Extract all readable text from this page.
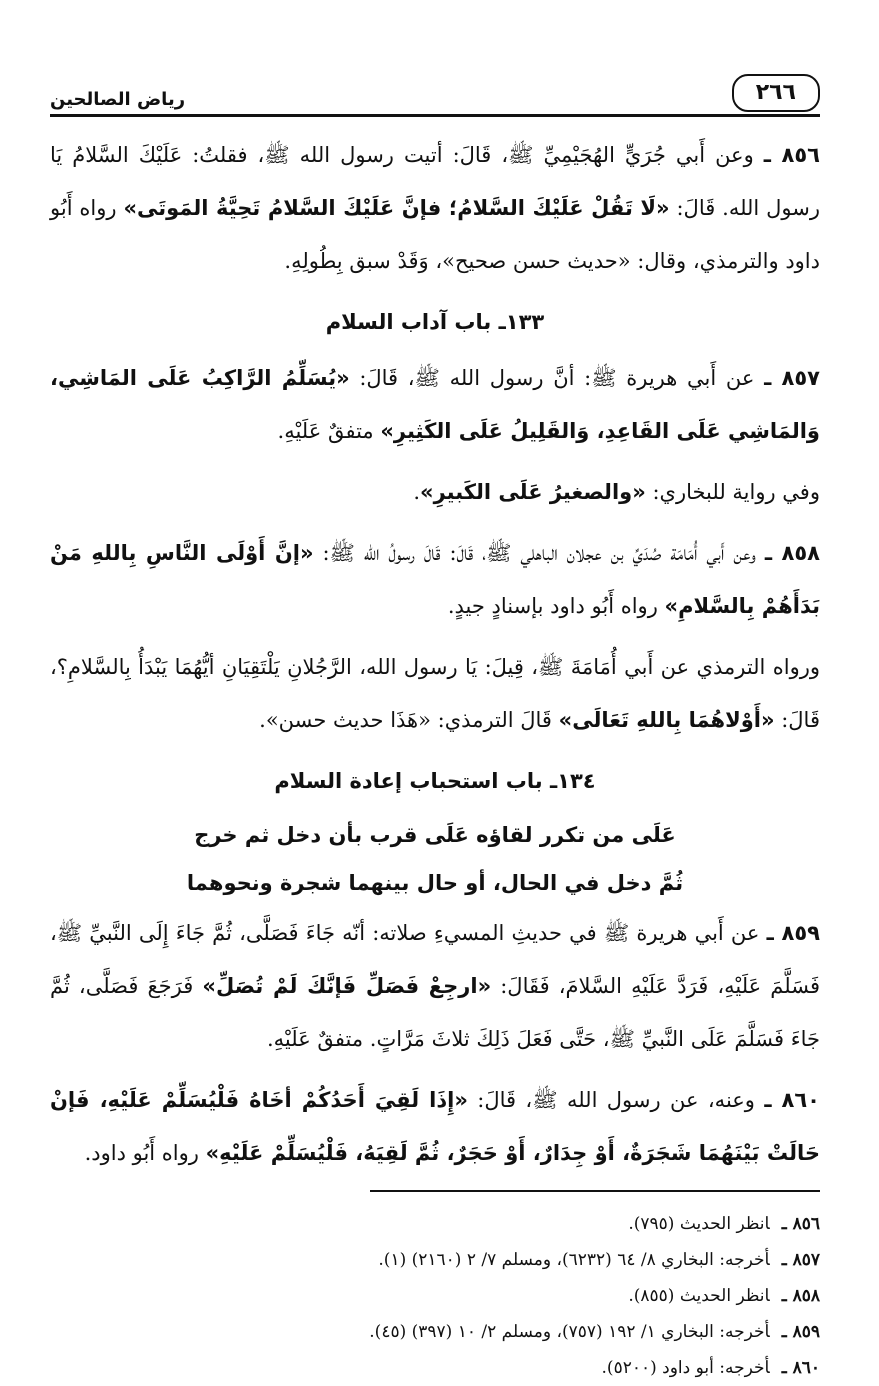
٢٦٦
رياض الصالحين

٨٥٦ ـ وعن أَبي جُرَيٍّ الهُجَيْمِيِّ ﷺ، قَالَ: أتيت رسول الله ﷺ، فقلتُ: عَلَيْكَ السَّلامُ يَا رسول الله. قَالَ: «لَا تَقُلْ عَلَيْكَ السَّلامُ؛ فإنَّ عَلَيْكَ السَّلامُ تَحِيَّةُ المَوتَى» رواه أَبُو داود والترمذي، وقال: «حديث حسن صحيح»، وَقَدْ سبق بِطُولِهِ.

١٣٣ـ باب آداب السلام

٨٥٧ ـ عن أَبي هريرة ﷺ: أنَّ رسول الله ﷺ، قَالَ: «يُسَلِّمُ الرَّاكِبُ عَلَى المَاشِي، وَالمَاشِي عَلَى القَاعِدِ، وَالقَلِيلُ عَلَى الكَثِيرِ» متفقٌ عَلَيْهِ.

وفي رواية للبخاري: «والصغيرُ عَلَى الكَبيرِ».

٨٥٨ ـ وعن أَبي أُمَامَة صُدَيِّ بن عجلان الباهلي ﷺ، قَالَ: قَالَ رسولُ الله ﷺ: «إنَّ أَوْلَى النَّاسِ بِاللهِ مَنْ بَدَأَهُمْ بِالسَّلامِ» رواه أَبُو داود بإسنادٍ جيدٍ.

ورواه الترمذي عن أَبي أُمَامَةَ ﷺ، قِيلَ: يَا رسول الله، الرَّجُلانِ يَلْتَقِيَانِ أيُّهُمَا يَبْدَأُ بِالسَّلامِ؟، قَالَ: «أَوْلاهُمَا بِاللهِ تَعَالَى» قَالَ الترمذي: «هَذَا حديث حسن».

١٣٤ـ باب استحباب إعادة السلام
عَلَى من تكرر لقاؤه عَلَى قرب بأن دخل ثم خرج
ثُمَّ دخل في الحال، أو حال بينهما شجرة ونحوهما

٨٥٩ ـ عن أَبي هريرة ﷺ في حديثِ المسيءِ صلاته: أنّه جَاءَ فَصَلَّى، ثُمَّ جَاءَ إِلَى النَّبيِّ ﷺ، فَسَلَّمَ عَلَيْهِ، فَرَدَّ عَلَيْهِ السَّلامَ، فَقَالَ: «ارجِعْ فَصَلِّ فَإنَّكَ لَمْ تُصَلِّ» فَرَجَعَ فَصَلَّى، ثُمَّ جَاءَ فَسَلَّمَ عَلَى النَّبيِّ ﷺ، حَتَّى فَعَلَ ذَلِكَ ثلاثَ مَرَّاتٍ. متفقٌ عَلَيْهِ.

٨٦٠ ـ وعنه، عن رسول الله ﷺ، قَالَ: «إِذَا لَقِيَ أَحَدُكُمْ أخَاهُ فَلْيُسَلِّمْ عَلَيْهِ، فَإنْ حَالَتْ بَيْنَهُمَا شَجَرَةٌ، أَوْ جِدَارٌ، أَوْ حَجَرٌ، ثُمَّ لَقِيَهُ، فَلْيُسَلِّمْ عَلَيْهِ» رواه أَبُو داود.

٨٥٦ ـانظر الحديث (٧٩٥).

٨٥٧ ـأخرجه: البخاري ٨/ ٦٤ (٦٢٣٢)، ومسلم ٧/ ٢ (٢١٦٠) (١).

٨٥٨ ـانظر الحديث (٨٥٥).

٨٥٩ ـأخرجه: البخاري ١/ ١٩٢ (٧٥٧)، ومسلم ٢/ ١٠ (٣٩٧) (٤٥).

٨٦٠ ـأخرجه: أبو داود (٥٢٠٠).
